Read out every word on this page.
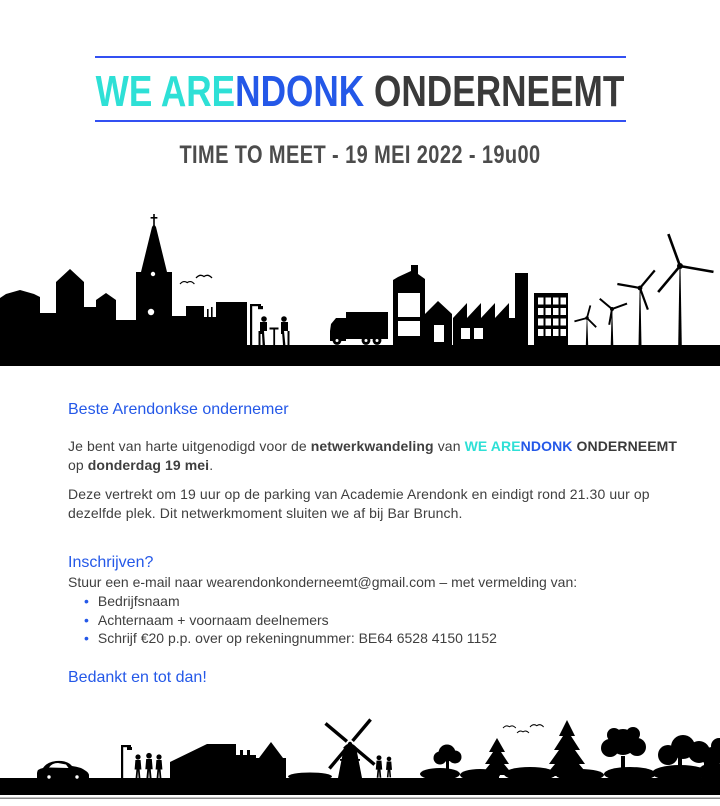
WE ARENDONK ONDERNEEMT
TIME TO MEET - 19 MEI 2022 - 19u00
Beste Arendonkse ondernemer

Je bent van harte uitgenodigd voor de netwerkwandeling van WE ARENDONK ONDERNEEMT
op donderdag 19 mei.

Deze vertrekt om 19 uur op de parking van Academie Arendonk en eindigt rond 21.30 uur op
dezelfde plek. Dit netwerkmoment sluiten we af bij Bar Brunch.

Inschrijven?
Stuur een e-mail naar wearendonkonderneemt@gmail.com – met vermelding van:
• Bedrijfsnaam
• Achternaam + voornaam deelnemers
• Schrijf €20 p.p. over op rekeningnummer: BE64 6528 4150 1152
Bedankt en tot dan!
